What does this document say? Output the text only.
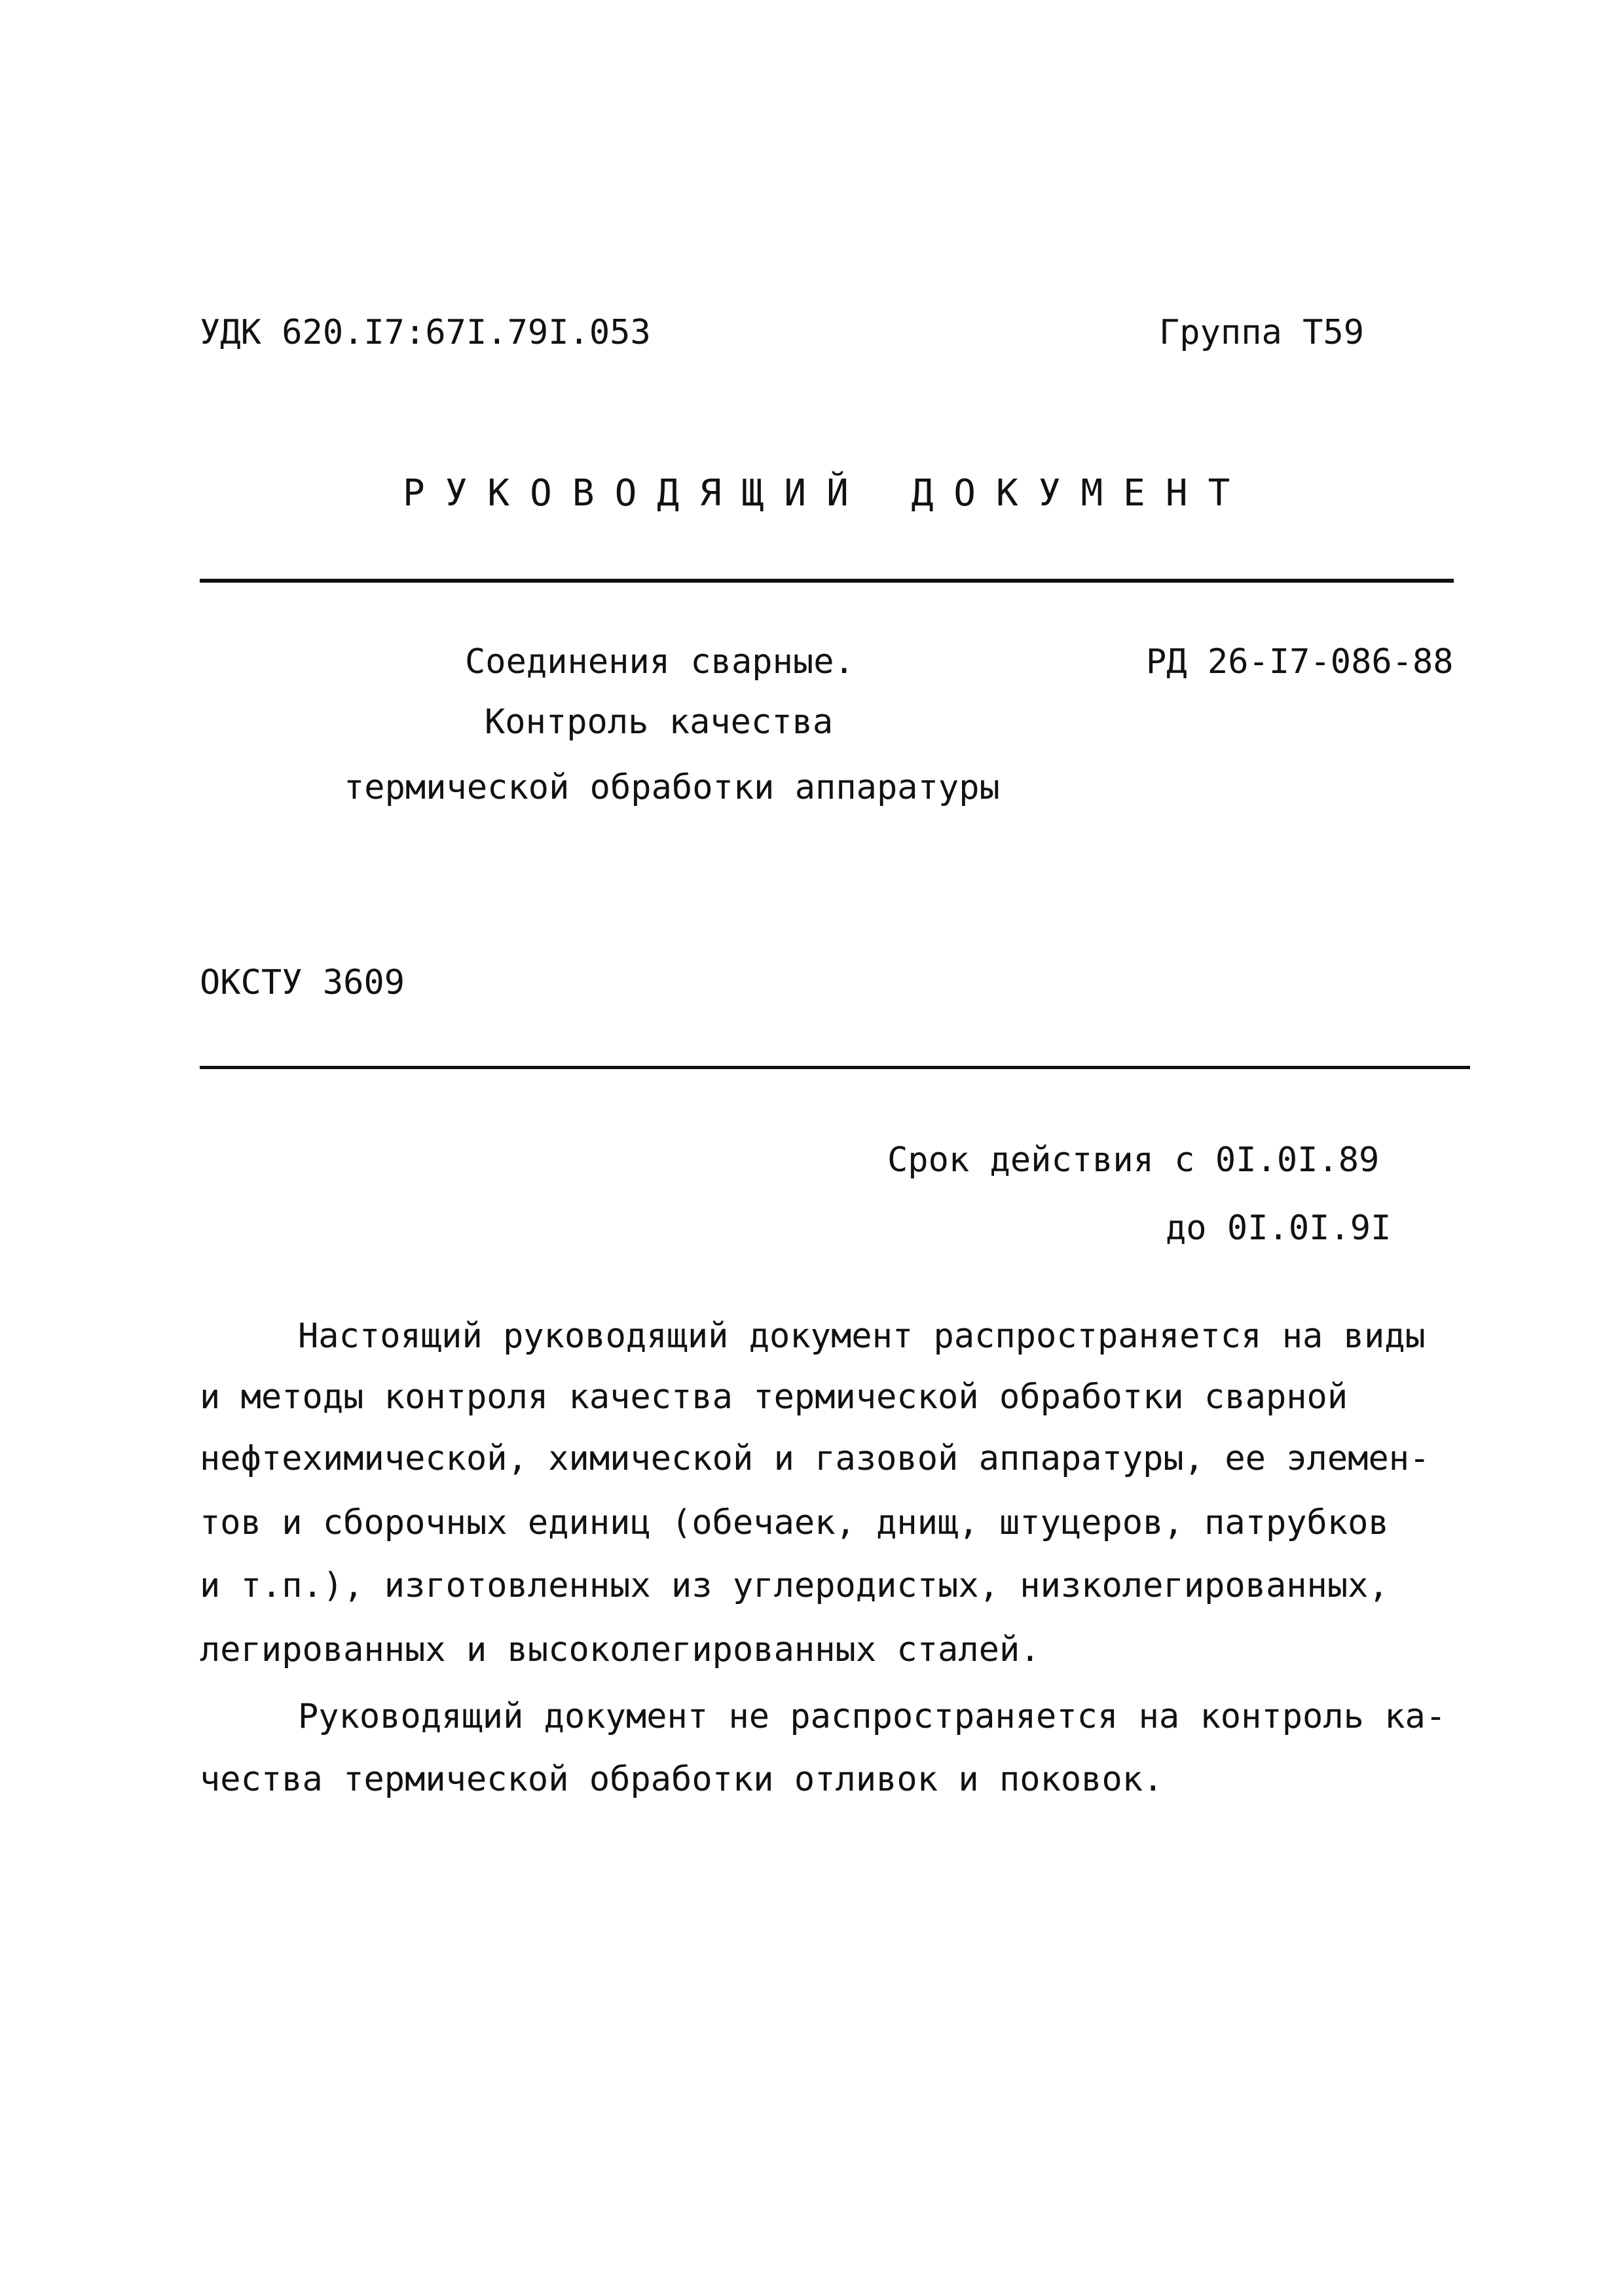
УДК 620.I7:67I.79I.053	Группа Т59
РУКОВОДЯЩИЙ ДОКУМЕНТ
Соединения сварные.	РД 26-I7-086-88
Контроль качества
термической обработки аппаратуры
ОКСТУ 3609
Срок действия с 0I.0I.89
до 0I.0I.9I
Настоящий руководящий документ распространяется на виды
и методы контроля качества термической обработки сварной
нефтехимической, химической и газовой аппаратуры, ее элемен-
тов и сборочных единиц (обечаек, днищ, штуцеров, патрубков
и т.п.), изготовленных из углеродистых, низколегированных,
легированных и высоколегированных сталей.
Руководящий документ не распространяется на контроль ка-
чества термической обработки отливок и поковок.
